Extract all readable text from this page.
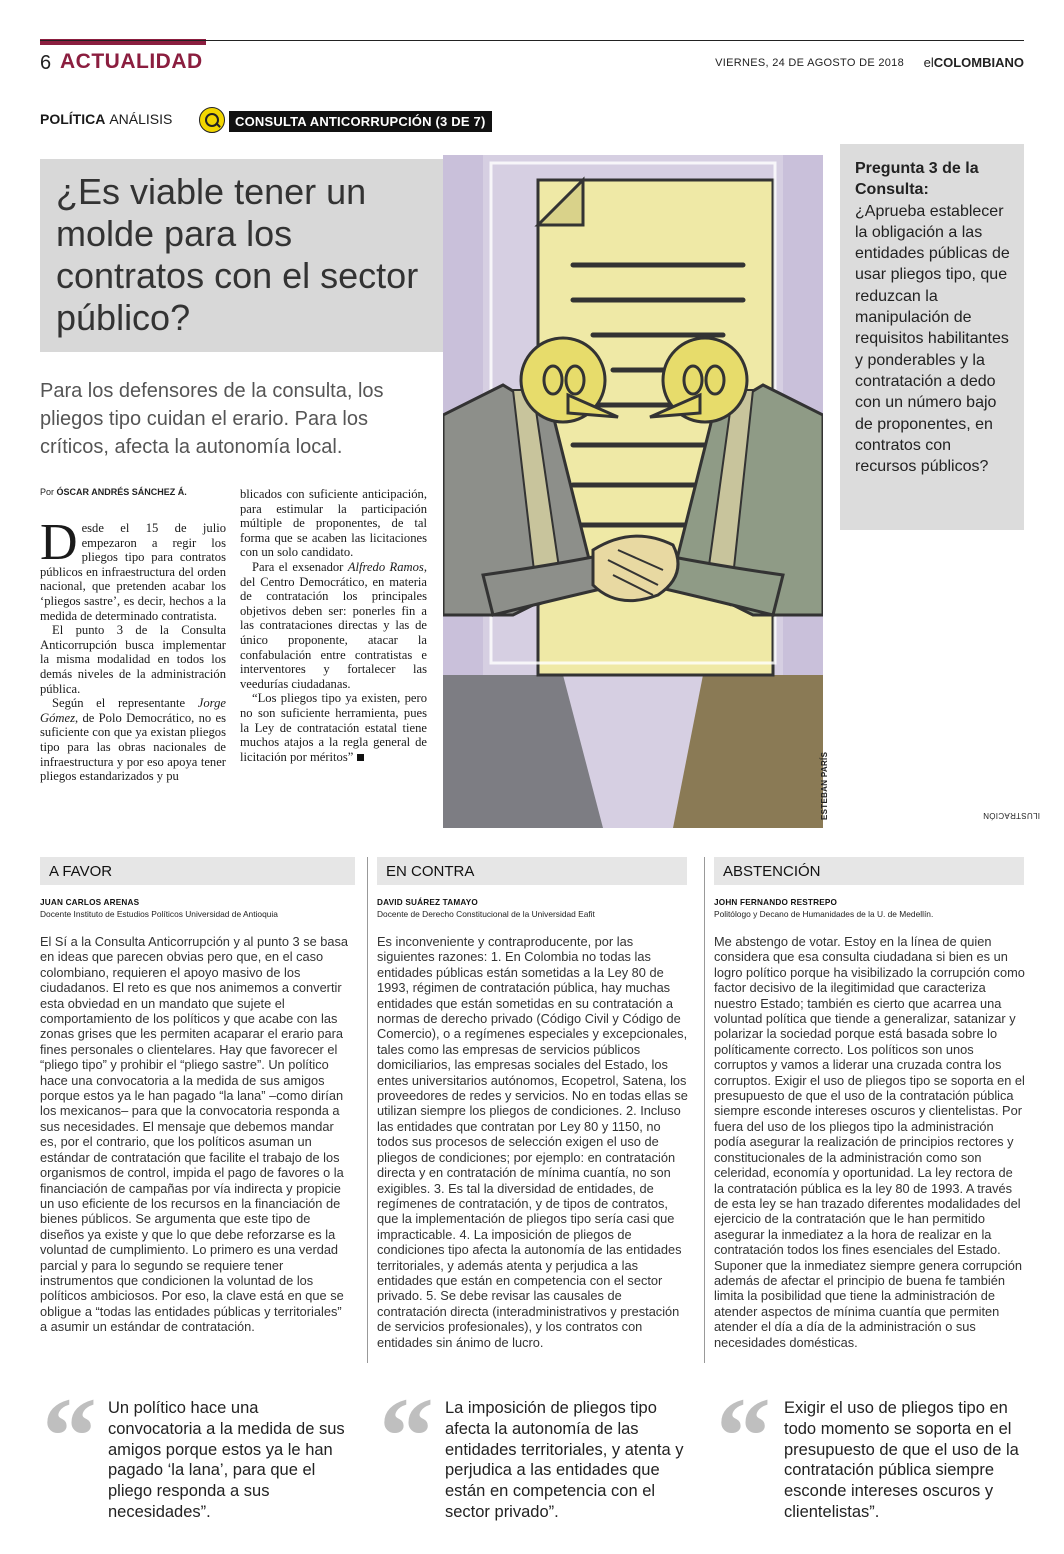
6 ACTUALIDAD	VIERNES, 24 DE AGOSTO DE 2018 elCOLOMBIANO
POLÍTICA ANÁLISIS	CONSULTA ANTICORRUPCIÓN (3 DE 7)
¿Es viable tener un molde para los contratos con el sector público?

Para los defensores de la consulta, los pliegos tipo cuidan el erario. Para los críticos, afecta la autonomía local.

Por ÓSCAR ANDRÉS SÁNCHEZ Á.

Desde el 15 de julio empezaron a regir los pliegos tipo para contratos públicos en infraestructura del orden nacional, que pretenden acabar los ‘pliegos sastre’, es decir, hechos a la medida de determinado contratista.

El punto 3 de la Consulta Anticorrupción busca implementar la misma modalidad en todos los demás niveles de la administración pública.

Según el representante Jorge Gómez, de Polo Democrático, no es suficiente con que ya existan pliegos tipo para las obras nacionales de infraestructura y por eso apoya tener pliegos estandarizados y pu

blicados con suficiente anticipación, para estimular la participación múltiple de proponentes, de tal forma que se acaben las licitaciones con un solo candidato.

Para el exsenador Alfredo Ramos, del Centro Democrático, en materia de contratación los principales objetivos deben ser: ponerles fin a las contrataciones directas y las de único proponente, atacar la confabulación entre contratistas e interventores y fortalecer las veedurías ciudadanas.

“Los pliegos tipo ya existen, pero no son suficiente herramienta, pues la Ley de contratación estatal tiene muchos atajos a la regla general de licitación por méritos”

ILUSTRACIÓN
ESTEBAN PARÍS
Pregunta 3 de la Consulta:
¿Aprueba establecer la obligación a las entidades públicas de usar pliegos tipo, que reduzcan la manipulación de requisitos habilitantes y ponderables y la contratación a dedo con un número bajo de proponentes, en contratos con recursos públicos?
A FAVOR	EN CONTRA	ABSTENCIÓN
JUAN CARLOS ARENAS
Docente Instituto de Estudios Políticos Universidad de Antioquia
El Sí a la Consulta Anticorrupción y al punto 3 se basa en ideas que parecen obvias pero que, en el caso colombiano, requieren el apoyo masivo de los ciudadanos. El reto es que nos animemos a convertir esta obviedad en un mandato que sujete el comportamiento de los políticos y que acabe con las zonas grises que les permiten acaparar el erario para fines personales o clientelares. Hay que favorecer el “pliego tipo” y prohibir el “pliego sastre”. Un político hace una convocatoria a la medida de sus amigos porque estos ya le han pagado “la lana” –como dirían los mexicanos– para que la convocatoria responda a sus necesidades. El mensaje que debemos mandar es, por el contrario, que los políticos asuman un estándar de contratación que facilite el trabajo de los organismos de control, impida el pago de favores o la financiación de campañas por vía indirecta y propicie un uso eficiente de los recursos en la financiación de bienes públicos. Se argumenta que este tipo de diseños ya existe y que lo que debe reforzarse es la voluntad de cumplimiento. Lo primero es una verdad parcial y para lo segundo se requiere tener instrumentos que condicionen la voluntad de los políticos ambiciosos. Por eso, la clave está en que se obligue a “todas las entidades públicas y territoriales” a asumir un estándar de contratación.
DAVID SUÁREZ TAMAYO
Docente de Derecho Constitucional de la Universidad Eafit
Es inconveniente y contraproducente, por las siguientes razones: 1. En Colombia no todas las entidades públicas están sometidas a la Ley 80 de 1993, régimen de contratación pública, hay muchas entidades que están sometidas en su contratación a normas de derecho privado (Código Civil y Código de Comercio), o a regímenes especiales y excepcionales, tales como las empresas de servicios públicos domiciliarios, las empresas sociales del Estado, los entes universitarios autónomos, Ecopetrol, Satena, los proveedores de redes y servicios. No en todas ellas se utilizan siempre los pliegos de condiciones. 2. Incluso las entidades que contratan por Ley 80 y 1150, no todos sus procesos de selección exigen el uso de pliegos de condiciones; por ejemplo: en contratación directa y en contratación de mínima cuantía, no son exigibles. 3. Es tal la diversidad de entidades, de regímenes de contratación, y de tipos de contratos, que la implementación de pliegos tipo sería casi que impracticable. 4. La imposición de pliegos de condiciones tipo afecta la autonomía de las entidades territoriales, y además atenta y perjudica a las entidades que están en competencia con el sector privado. 5. Se debe revisar las causales de contratación directa (interadministrativos y prestación de servicios profesionales), y los contratos con entidades sin ánimo de lucro.
JOHN FERNANDO RESTREPO
Politólogo y Decano de Humanidades de la U. de Medellín.
Me abstengo de votar. Estoy en la línea de quien considera que esa consulta ciudadana si bien es un logro político porque ha visibilizado la corrupción como factor decisivo de la ilegitimidad que caracteriza nuestro Estado; también es cierto que acarrea una voluntad política que tiende a generalizar, satanizar y polarizar la sociedad porque está basada sobre lo políticamente correcto. Los políticos son unos corruptos y vamos a liderar una cruzada contra los corruptos. Exigir el uso de pliegos tipo se soporta en el presupuesto de que el uso de la contratación pública siempre esconde intereses oscuros y clientelistas. Por fuera del uso de los pliegos tipo la administración podía asegurar la realización de principios rectores y constitucionales de la administración como son celeridad, economía y oportunidad. La ley rectora de la contratación pública es la ley 80 de 1993. A través de esta ley se han trazado diferentes modalidades del ejercicio de la contratación que le han permitido asegurar la inmediatez a la hora de realizar en la contratación todos los fines esenciales del Estado. Suponer que la inmediatez siempre genera corrupción además de afectar el principio de buena fe también limita la posibilidad que tiene la administración de atender aspectos de mínima cuantía que permiten atender el día a día de la administración o sus necesidades domésticas.
“ Un político hace una convocatoria a la medida de sus amigos porque estos ya le han pagado ‘la lana’, para que el pliego responda a sus necesidades”.
“ La imposición de pliegos tipo afecta la autonomía de las entidades territoriales, y atenta y perjudica a las entidades que están en competencia con el sector privado”.
“ Exigir el uso de pliegos tipo en todo momento se soporta en el presupuesto de que el uso de la contratación pública siempre esconde intereses oscuros y clientelistas”.
